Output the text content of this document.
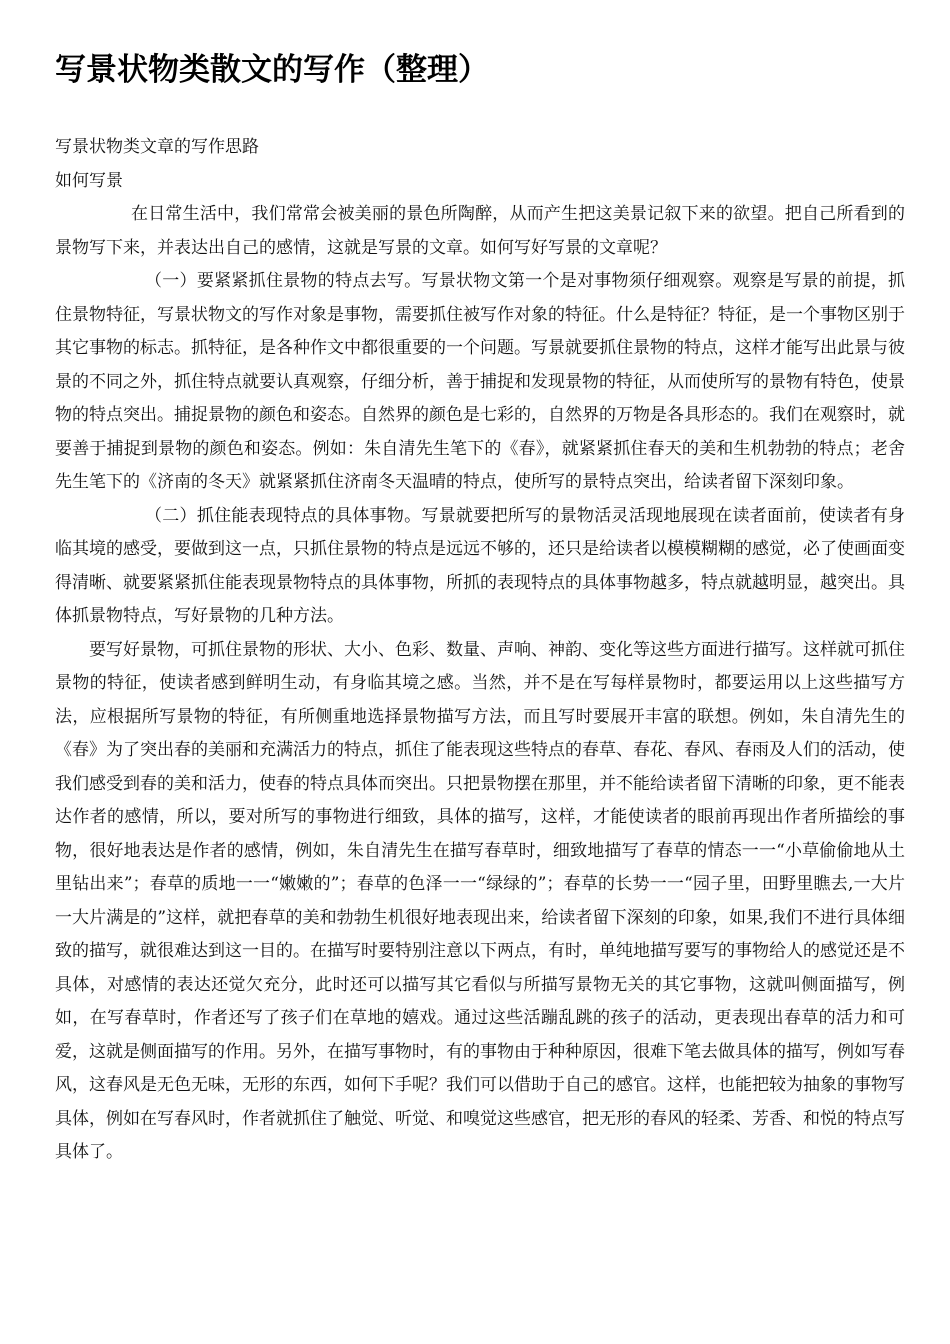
写景状物类散文的写作（整理）

写景状物类文章的写作思路

如何写景

在日常生活中，我们常常会被美丽的景色所陶醉，从而产生把这美景记叙下来的欲望。把自己所看到的景物写下来，并表达出自己的感情，这就是写景的文章。如何写好写景的文章呢？

（一）要紧紧抓住景物的特点去写。写景状物文第一个是对事物须仔细观察。观察是写景的前提，抓住景物特征，写景状物文的写作对象是事物，需要抓住被写作对象的特征。什么是特征？特征，是一个事物区别于其它事物的标志。抓特征，是各种作文中都很重要的一个问题。写景就要抓住景物的特点，这样才能写出此景与彼景的不同之外，抓住特点就要认真观察，仔细分析，善于捕捉和发现景物的特征，从而使所写的景物有特色，使景物的特点突出。捕捉景物的颜色和姿态。自然界的颜色是七彩的，自然界的万物是各具形态的。我们在观察时，就要善于捕捉到景物的颜色和姿态。例如：朱自清先生笔下的《春》，就紧紧抓住春天的美和生机勃勃的特点；老舍先生笔下的《济南的冬天》就紧紧抓住济南冬天温晴的特点，使所写的景特点突出，给读者留下深刻印象。

（二）抓住能表现特点的具体事物。写景就要把所写的景物活灵活现地展现在读者面前，使读者有身临其境的感受，要做到这一点，只抓住景物的特点是远远不够的，还只是给读者以模模糊糊的感觉，必了使画面变得清晰、就要紧紧抓住能表现景物特点的具体事物，所抓的表现特点的具体事物越多，特点就越明显，越突出。具体抓景物特点，写好景物的几种方法。

要写好景物，可抓住景物的形状、大小、色彩、数量、声响、神韵、变化等这些方面进行描写。这样就可抓住景物的特征，使读者感到鲜明生动，有身临其境之感。当然，并不是在写每样景物时，都要运用以上这些描写方法，应根据所写景物的特征，有所侧重地选择景物描写方法，而且写时要展开丰富的联想。例如，朱自清先生的《春》为了突出春的美丽和充满活力的特点，抓住了能表现这些特点的春草、春花、春风、春雨及人们的活动，使我们感受到春的美和活力，使春的特点具体而突出。只把景物摆在那里，并不能给读者留下清晰的印象，更不能表达作者的感情，所以，要对所写的事物进行细致，具体的描写，这样，才能使读者的眼前再现出作者所描绘的事物，很好地表达是作者的感情，例如，朱自清先生在描写春草时，细致地描写了春草的情态一一“小草偷偷地从土里钻出来”；春草的质地一一“嫩嫩的”；春草的色泽一一“绿绿的”；春草的长势一一“园子里，田野里瞧去,一大片一大片满是的”这样，就把春草的美和勃勃生机很好地表现出来，给读者留下深刻的印象，如果,我们不进行具体细致的描写，就很难达到这一目的。在描写时要特别注意以下两点，有时，单纯地描写要写的事物给人的感觉还是不具体，对感情的表达还觉欠充分，此时还可以描写其它看似与所描写景物无关的其它事物，这就叫侧面描写，例如，在写春草时，作者还写了孩子们在草地的嬉戏。通过这些活蹦乱跳的孩子的活动，更表现出春草的活力和可爱，这就是侧面描写的作用。另外，在描写事物时，有的事物由于种种原因，很难下笔去做具体的描写，例如写春风，这春风是无色无味，无形的东西，如何下手呢？我们可以借助于自己的感官。这样，也能把较为抽象的事物写具体，例如在写春风时，作者就抓住了触觉、听觉、和嗅觉这些感官，把无形的春风的轻柔、芳香、和悦的特点写具体了。
